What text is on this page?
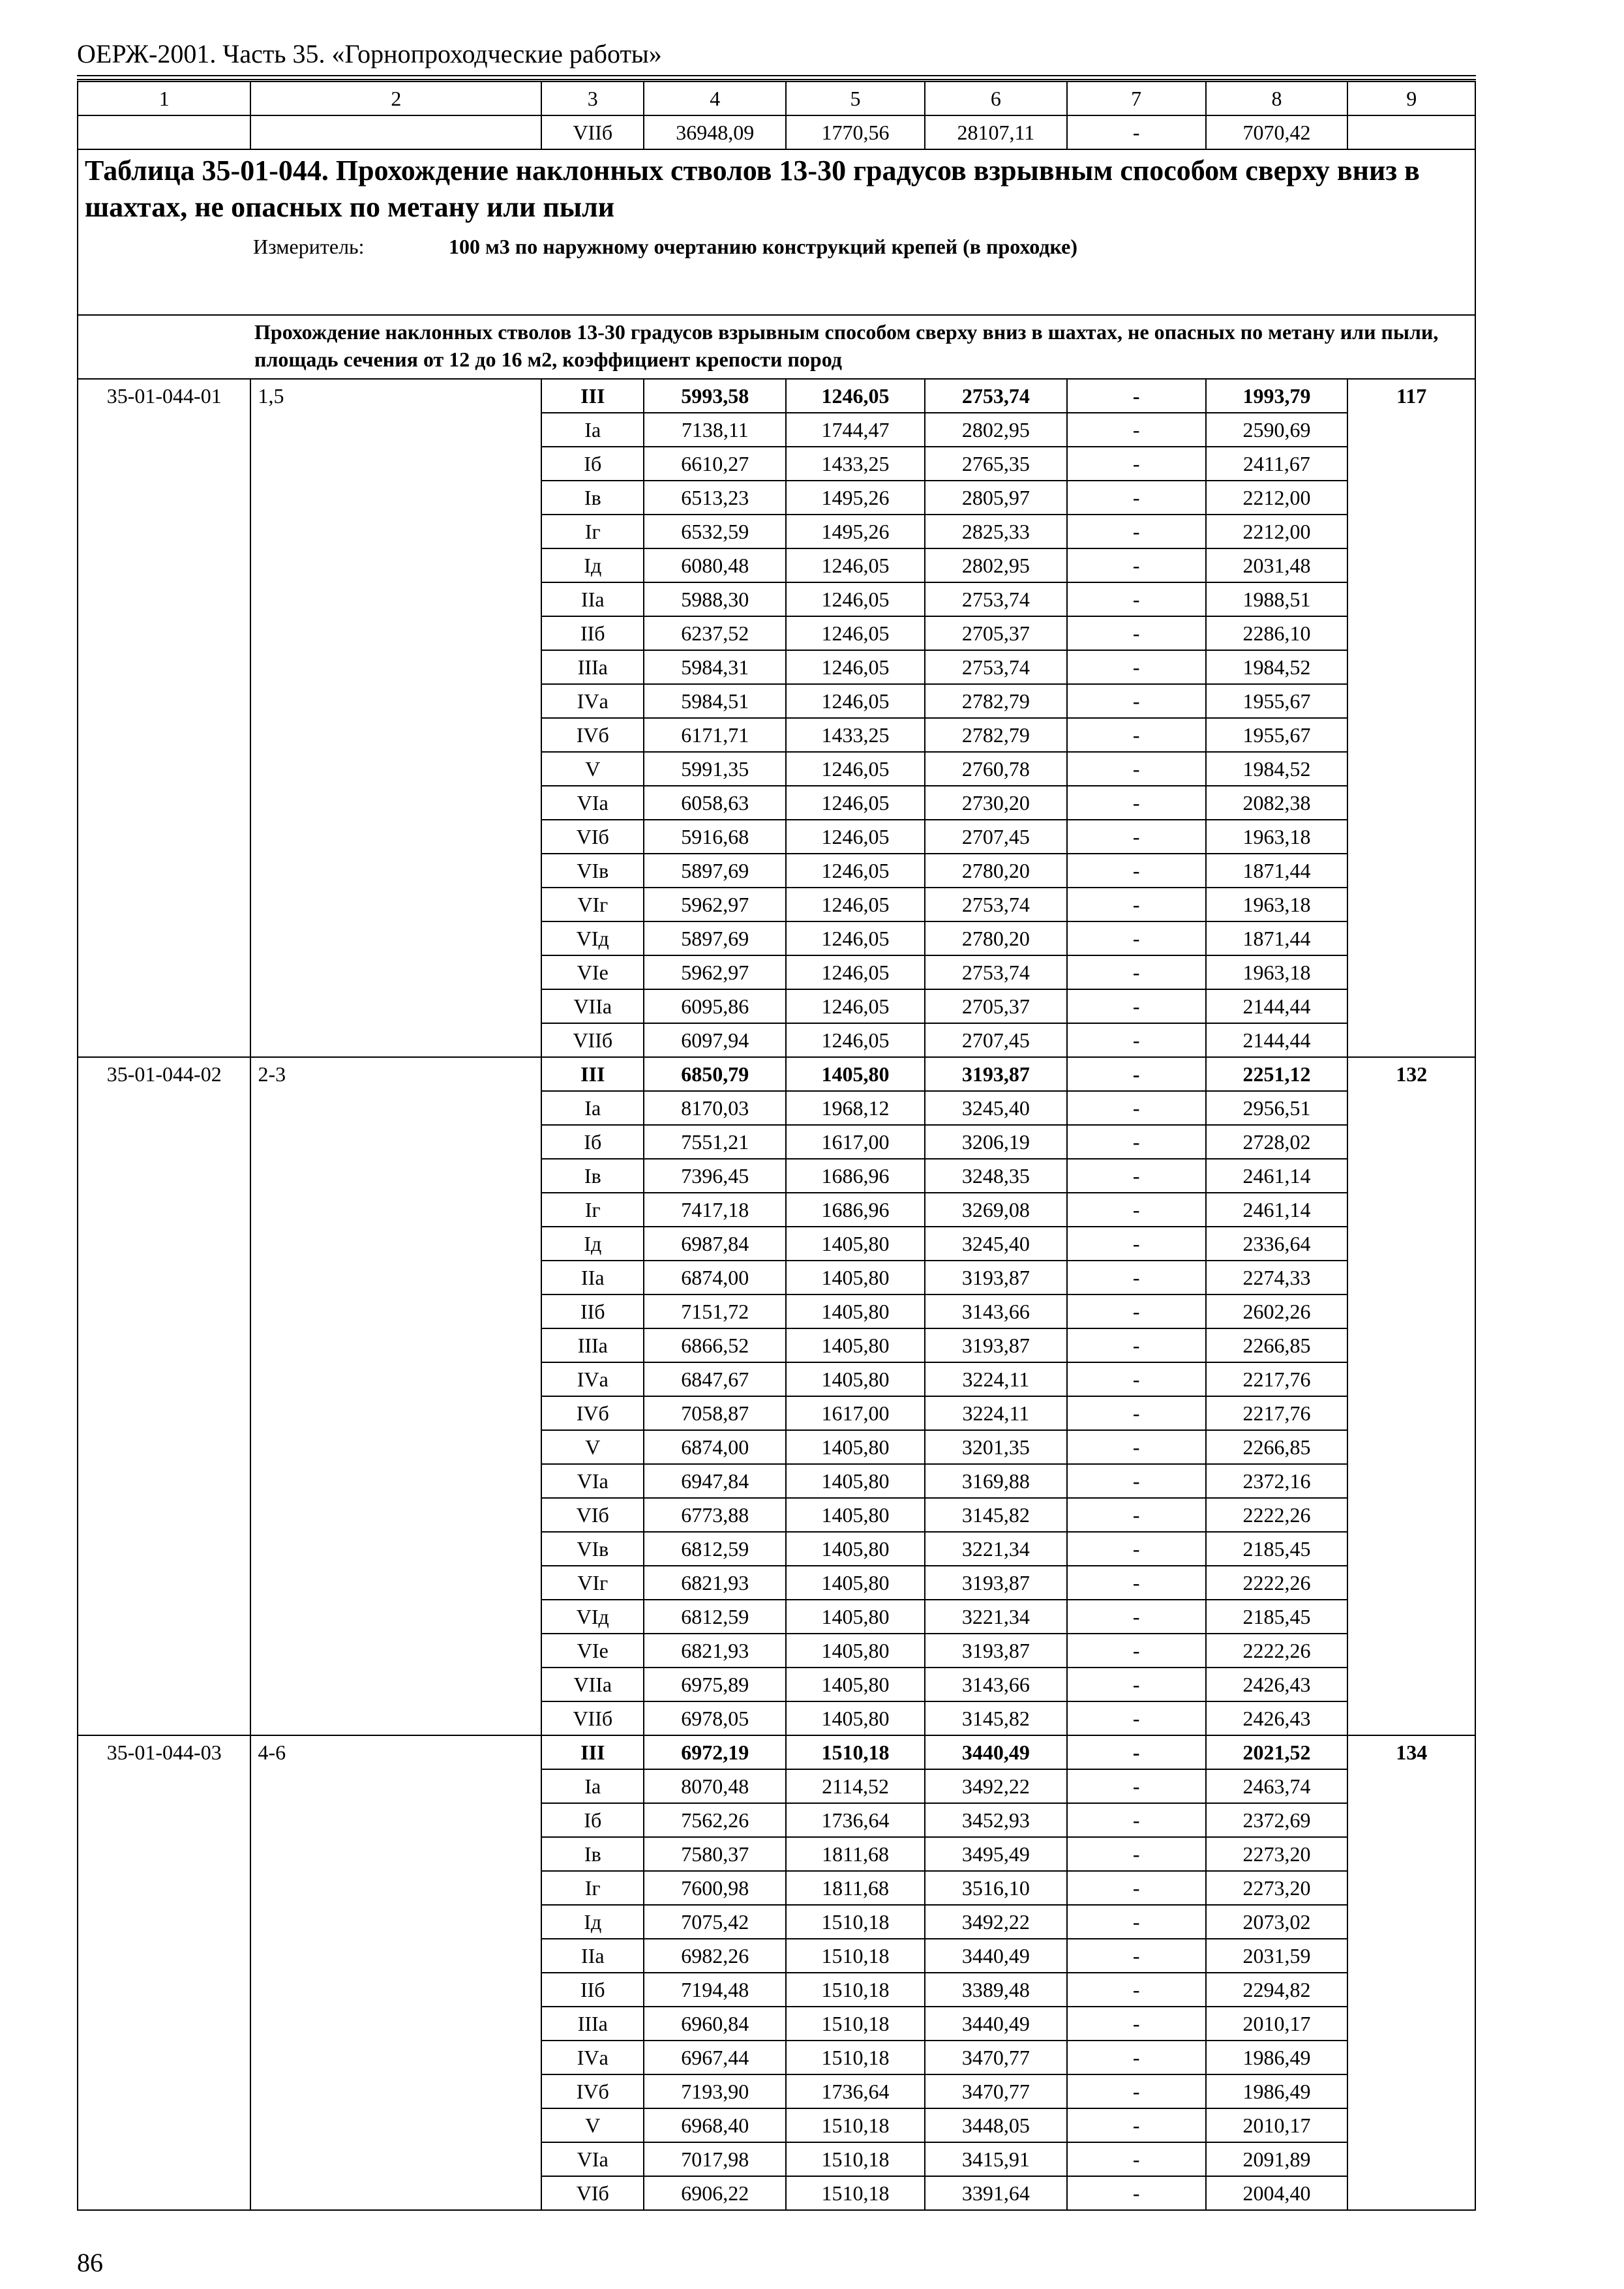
ОЕРЖ-2001. Часть 35. «Горнопроходческие работы»
1	2	3	4	5	6	7	8	9
		VIIб	36948,09	1770,56	28107,11	-	7070,42	

Таблица 35-01-044. Прохождение наклонных стволов 13-30 градусов взрывным способом сверху вниз в шахтах, не опасных по метану или пыли
Измеритель: 100 м3 по наружному очертанию конструкций крепей (в проходке)								

Прохождение наклонных стволов 13-30 градусов взрывным способом сверху вниз в шахтах, не опасных по метану или пыли, площадь сечения от 12 до 16 м2, коэффициент крепости пород								
35-01-044-01	1,5	III	5993,58	1246,05	2753,74	-	1993,79	117
		Iа	7138,11	1744,47	2802,95	-	2590,69	
		Iб	6610,27	1433,25	2765,35	-	2411,67	
		Iв	6513,23	1495,26	2805,97	-	2212,00	
		Iг	6532,59	1495,26	2825,33	-	2212,00	
		Iд	6080,48	1246,05	2802,95	-	2031,48	
		IIа	5988,30	1246,05	2753,74	-	1988,51	
		IIб	6237,52	1246,05	2705,37	-	2286,10	
		IIIа	5984,31	1246,05	2753,74	-	1984,52	
		IVа	5984,51	1246,05	2782,79	-	1955,67	
		IVб	6171,71	1433,25	2782,79	-	1955,67	
		V	5991,35	1246,05	2760,78	-	1984,52	
		VIа	6058,63	1246,05	2730,20	-	2082,38	
		VIб	5916,68	1246,05	2707,45	-	1963,18	
		VIв	5897,69	1246,05	2780,20	-	1871,44	
		VIг	5962,97	1246,05	2753,74	-	1963,18	
		VIд	5897,69	1246,05	2780,20	-	1871,44	
		VIе	5962,97	1246,05	2753,74	-	1963,18	
		VIIа	6095,86	1246,05	2705,37	-	2144,44	
		VIIб	6097,94	1246,05	2707,45	-	2144,44	
35-01-044-02	2-3	III	6850,79	1405,80	3193,87	-	2251,12	132
		Iа	8170,03	1968,12	3245,40	-	2956,51	
		Iб	7551,21	1617,00	3206,19	-	2728,02	
		Iв	7396,45	1686,96	3248,35	-	2461,14	
		Iг	7417,18	1686,96	3269,08	-	2461,14	
		Iд	6987,84	1405,80	3245,40	-	2336,64	
		IIа	6874,00	1405,80	3193,87	-	2274,33	
		IIб	7151,72	1405,80	3143,66	-	2602,26	
		IIIа	6866,52	1405,80	3193,87	-	2266,85	
		IVа	6847,67	1405,80	3224,11	-	2217,76	
		IVб	7058,87	1617,00	3224,11	-	2217,76	
		V	6874,00	1405,80	3201,35	-	2266,85	
		VIа	6947,84	1405,80	3169,88	-	2372,16	
		VIб	6773,88	1405,80	3145,82	-	2222,26	
		VIв	6812,59	1405,80	3221,34	-	2185,45	
		VIг	6821,93	1405,80	3193,87	-	2222,26	
		VIд	6812,59	1405,80	3221,34	-	2185,45	
		VIе	6821,93	1405,80	3193,87	-	2222,26	
		VIIа	6975,89	1405,80	3143,66	-	2426,43	
		VIIб	6978,05	1405,80	3145,82	-	2426,43	
35-01-044-03	4-6	III	6972,19	1510,18	3440,49	-	2021,52	134
		Iа	8070,48	2114,52	3492,22	-	2463,74	
		Iб	7562,26	1736,64	3452,93	-	2372,69	
		Iв	7580,37	1811,68	3495,49	-	2273,20	
		Iг	7600,98	1811,68	3516,10	-	2273,20	
		Iд	7075,42	1510,18	3492,22	-	2073,02	
		IIа	6982,26	1510,18	3440,49	-	2031,59	
		IIб	7194,48	1510,18	3389,48	-	2294,82	
		IIIа	6960,84	1510,18	3440,49	-	2010,17	
		IVа	6967,44	1510,18	3470,77	-	1986,49	
		IVб	7193,90	1736,64	3470,77	-	1986,49	
		V	6968,40	1510,18	3448,05	-	2010,17	
		VIа	7017,98	1510,18	3415,91	-	2091,89	
		VIб	6906,22	1510,18	3391,64	-	2004,40	
86
